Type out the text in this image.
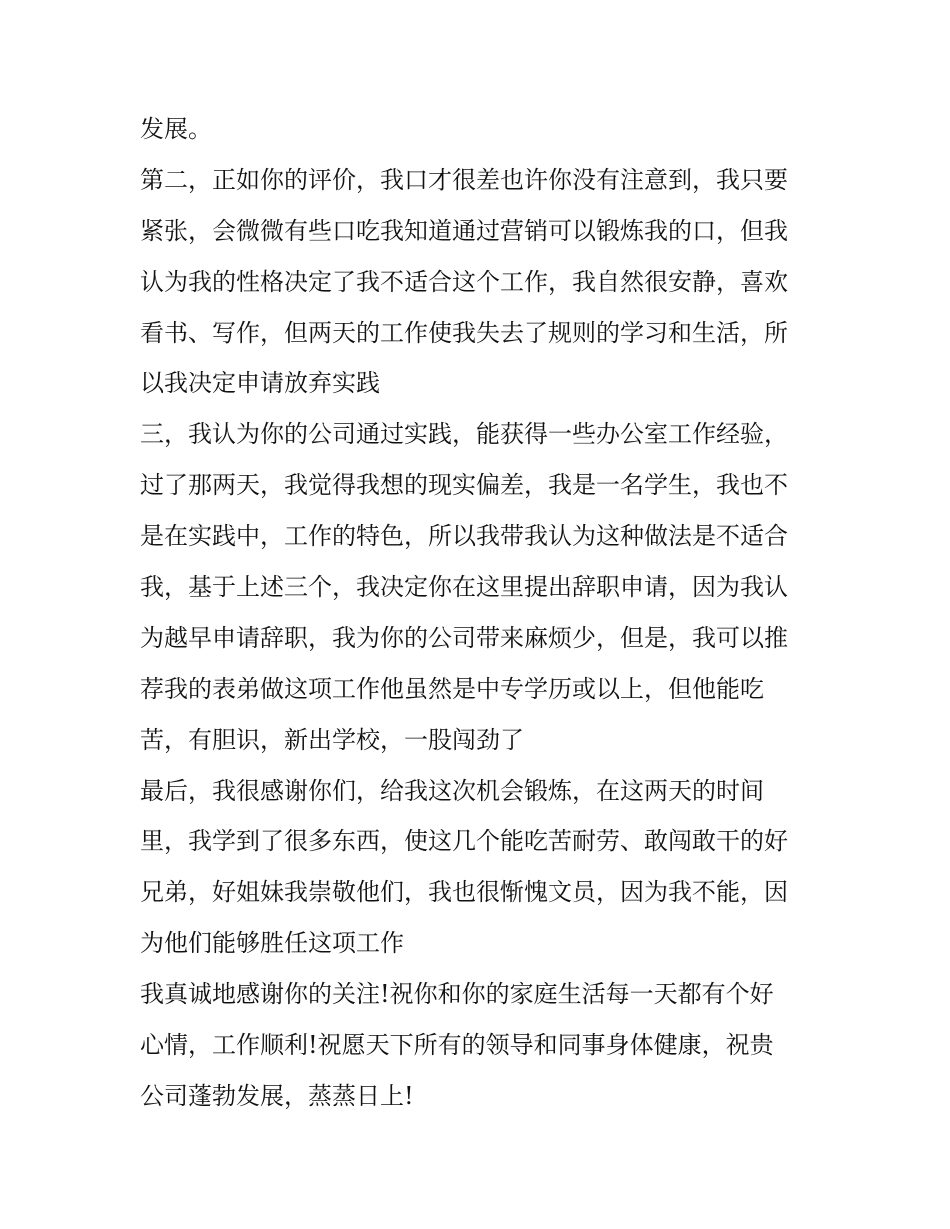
发展。
第二，正如你的评价，我口才很差也许你没有注意到，我只要
紧张，会微微有些口吃我知道通过营销可以锻炼我的口，但我
认为我的性格决定了我不适合这个工作，我自然很安静，喜欢
看书、写作，但两天的工作使我失去了规则的学习和生活，所
以我决定申请放弃实践
三，我认为你的公司通过实践，能获得一些办公室工作经验，
过了那两天，我觉得我想的现实偏差，我是一名学生，我也不
是在实践中，工作的特色，所以我带我认为这种做法是不适合
我，基于上述三个，我决定你在这里提出辞职申请，因为我认
为越早申请辞职，我为你的公司带来麻烦少，但是，我可以推
荐我的表弟做这项工作他虽然是中专学历或以上，但他能吃
苦，有胆识，新出学校，一股闯劲了
最后，我很感谢你们，给我这次机会锻炼，在这两天的时间
里，我学到了很多东西，使这几个能吃苦耐劳、敢闯敢干的好
兄弟，好姐妹我崇敬他们，我也很惭愧文员，因为我不能，因
为他们能够胜任这项工作
我真诚地感谢你的关注!祝你和你的家庭生活每一天都有个好
心情，工作顺利!祝愿天下所有的领导和同事身体健康，祝贵
公司蓬勃发展，蒸蒸日上!
